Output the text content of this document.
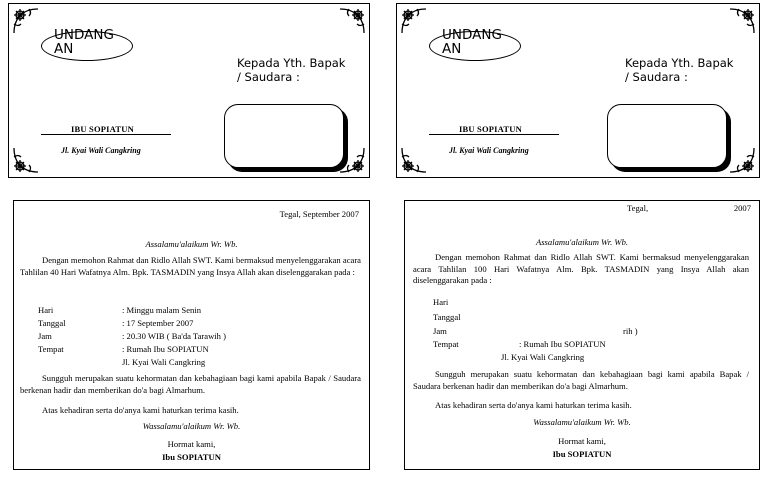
UNDANG AN
Kepada Yth. Bapak / Saudara :
IBU SOPIATUN
Jl. Kyai Wali Cangkring
UNDANG AN
Kepada Yth. Bapak / Saudara :
IBU SOPIATUN
Jl. Kyai Wali Cangkring
Tegal, September 2007
Assalamu'alaikum Wr. Wb.
Dengan memohon Rahmat dan Ridlo Allah SWT. Kami bermaksud menyelenggarakan acara Tahlilan 40 Hari Wafatnya Alm. Bpk. TASMADIN yang Insya Allah akan diselenggarakan pada :
Hari	: Minggu malam Senin
Tanggal	: 17 September 2007
Jam	: 20.30 WIB ( Ba'da Tarawih )
Tempat	: Rumah Ibu SOPIATUN
Jl. Kyai Wali Cangkring
Sungguh merupakan suatu kehormatan dan kebahagiaan bagi kami apabila Bapak / Saudara berkenan hadir dan memberikan do'a bagi Almarhum.
Atas kehadiran serta do'anya kami haturkan terima kasih.
Wassalamu'alaikum Wr. Wb.
Hormat kami,
Ibu SOPIATUN
Tegal,	2007
Assalamu'alaikum Wr. Wb.
Dengan memohon Rahmat dan Ridlo Allah SWT. Kami bermaksud menyelenggarakan acara Tahlilan 100 Hari Wafatnya Alm. Bpk. TASMADIN yang Insya Allah akan diselenggarakan pada :
Hari
Tanggal
Jam	rih )
Tempat	: Rumah Ibu SOPIATUN
Jl. Kyai Wali Cangkring
Sungguh merupakan suatu kehormatan dan kebahagiaan bagi kami apabila Bapak / Saudara berkenan hadir dan memberikan do'a bagi Almarhum.
Atas kehadiran serta do'anya kami haturkan terima kasih.
Wassalamu'alaikum Wr. Wb.
Hormat kami,
Ibu SOPIATUN
